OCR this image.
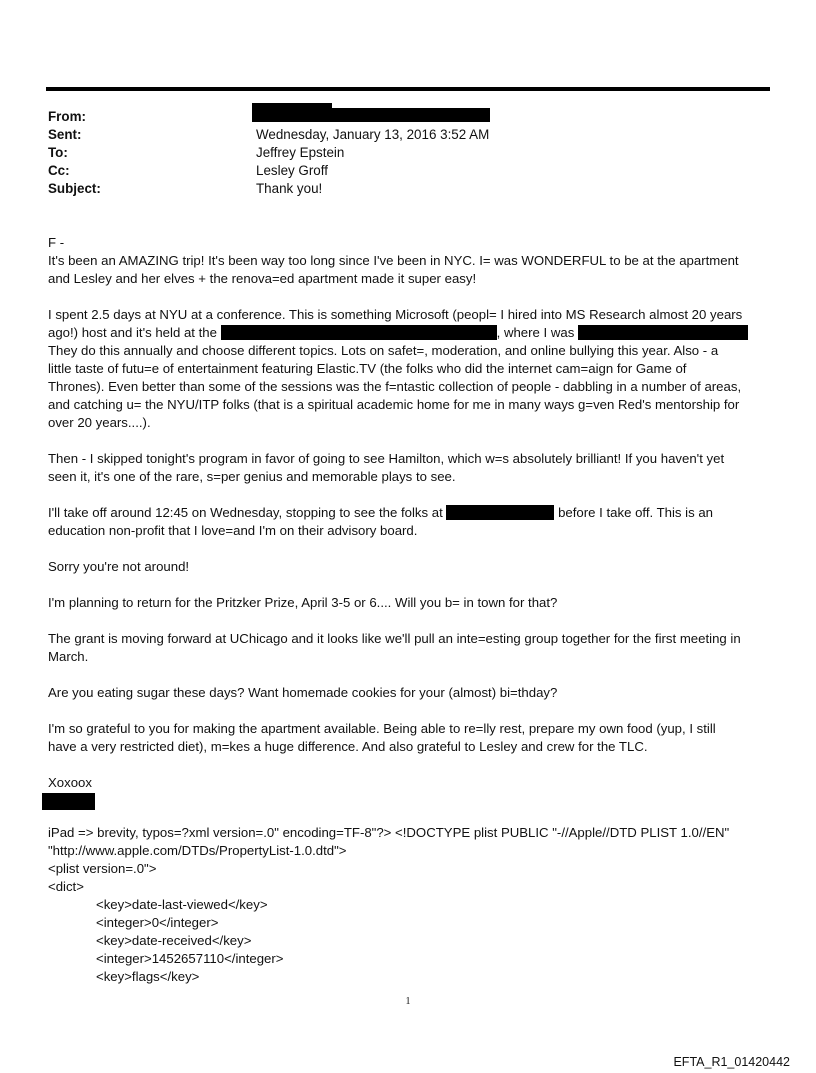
From:
Sent:	Wednesday, January 13, 2016 3:52 AM
To:	Jeffrey Epstein
Cc:	Lesley Groff
Subject:	Thank you!

F -
It's been an AMAZING trip! It's been way too long since I've been in NYC. I= was WONDERFUL to be at the apartment
and Lesley and her elves + the renova=ed apartment made it super easy!

I spent 2.5 days at NYU at a conference. This is something Microsoft (peopl= I hired into MS Research almost 20 years
ago!) host and it's held at the	, where I was
They do this annually and choose different topics. Lots on safet=, moderation, and online bullying this year. Also - a
little taste of futu=e of entertainment featuring Elastic.TV (the folks who did the internet cam=aign for Game of
Thrones). Even better than some of the sessions was the f=ntastic collection of people - dabbling in a number of areas,
and catching u= the NYU/ITP folks (that is a spiritual academic home for me in many ways g=ven Red's mentorship for
over 20 years....).

Then - I skipped tonight's program in favor of going to see Hamilton, which w=s absolutely brilliant! If you haven't yet
seen it, it's one of the rare, s=per genius and memorable plays to see.

I'll take off around 12:45 on Wednesday, stopping to see the folks at	before I take off. This is an
education non-profit that I love=and I'm on their advisory board.

Sorry you're not around!

I'm planning to return for the Pritzker Prize, April 3-5 or 6.... Will you b= in town for that?

The grant is moving forward at UChicago and it looks like we'll pull an inte=esting group together for the first meeting in
March.

Are you eating sugar these days? Want homemade cookies for your (almost) bi=thday?

I'm so grateful to you for making the apartment available. Being able to re=lly rest, prepare my own food (yup, I still
have a very restricted diet), m=kes a huge difference. And also grateful to Lesley and crew for the TLC.

Xoxoox

iPad => brevity, typos=?xml version=.0" encoding=TF-8"?> <!DOCTYPE plist PUBLIC "-//Apple//DTD PLIST 1.0//EN"
"http://www.apple.com/DTDs/PropertyList-1.0.dtd">
<plist version=.0">
<dict>
<key>date-last-viewed</key>
<integer>0</integer>
<key>date-received</key>
<integer>1452657110</integer>
<key>flags</key>
1
EFTA_R1_01420442
